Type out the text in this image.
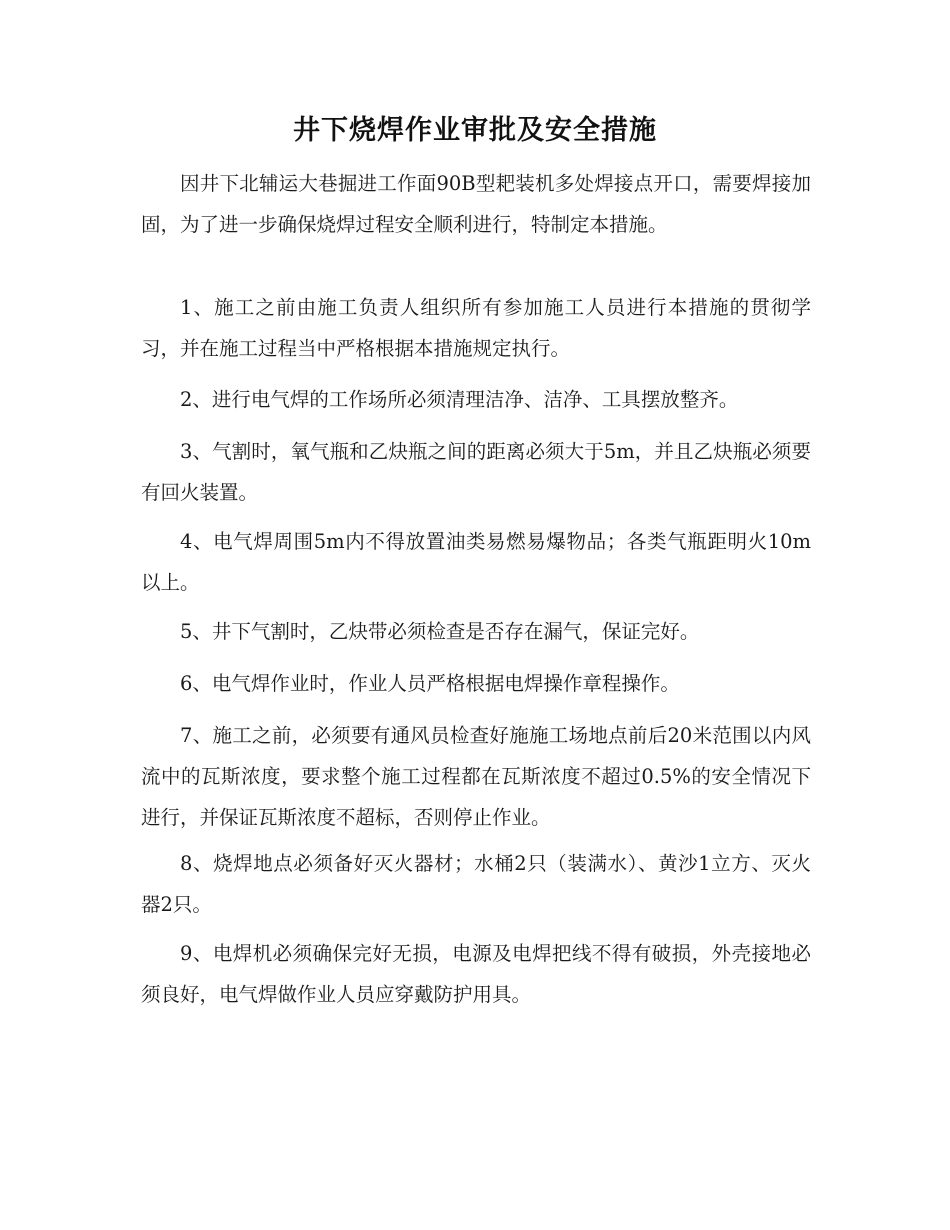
井下烧焊作业审批及安全措施

因井下北辅运大巷掘进工作面90B型耙装机多处焊接点开口，需要焊接加固，为了进一步确保烧焊过程安全顺利进行，特制定本措施。

1、施工之前由施工负责人组织所有参加施工人员进行本措施的贯彻学习，并在施工过程当中严格根据本措施规定执行。

2、进行电气焊的工作场所必须清理洁净、洁净、工具摆放整齐。

3、气割时，氧气瓶和乙炔瓶之间的距离必须大于5m，并且乙炔瓶必须要有回火装置。

4、电气焊周围5m内不得放置油类易燃易爆物品；各类气瓶距明火10m以上。

5、井下气割时，乙炔带必须检查是否存在漏气，保证完好。

6、电气焊作业时，作业人员严格根据电焊操作章程操作。

7、施工之前，必须要有通风员检查好施施工场地点前后20米范围以内风流中的瓦斯浓度，要求整个施工过程都在瓦斯浓度不超过0.5%的安全情况下进行，并保证瓦斯浓度不超标，否则停止作业。

8、烧焊地点必须备好灭火器材；水桶2只（装满水）、黄沙1立方、灭火器2只。

9、电焊机必须确保完好无损，电源及电焊把线不得有破损，外壳接地必须良好，电气焊做作业人员应穿戴防护用具。
